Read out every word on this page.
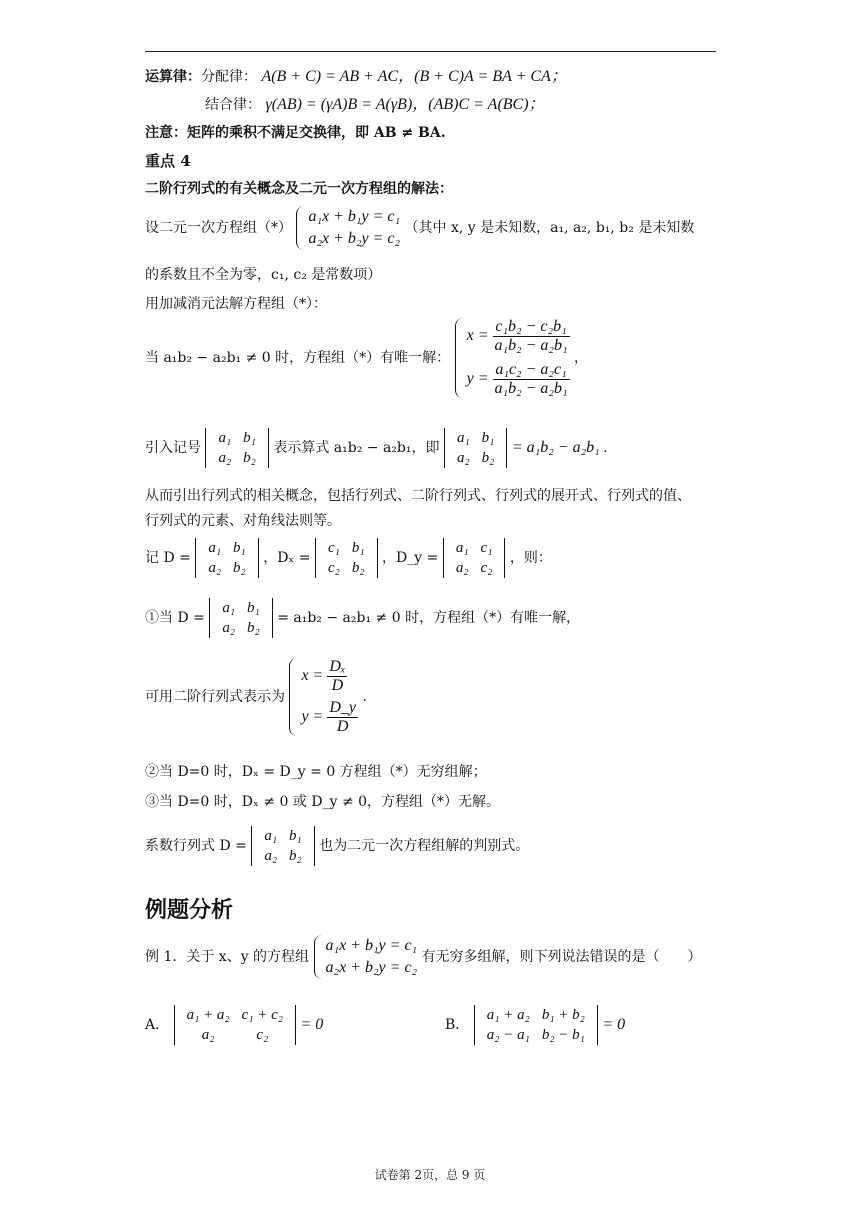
运算律：分配律： A(B + C) = AB + AC，(B + C)A = BA + CA；
结合律： γ(AB) = (γA)B = A(γB)，(AB)C = A(BC)；
注意：矩阵的乘积不满足交换律，即 AB ≠ BA.
重点 4
二阶行列式的有关概念及二元一次方程组的解法：
设二元一次方程组（*）
a₁x + b₁y = c₁
a₂x + b₂y = c₂
（其中 x, y 是未知数，a₁, a₂, b₁, b₂ 是未知数
的系数且不全为零，c₁, c₂ 是常数项）
用加减消元法解方程组（*）：
当 a₁b₂ − a₂b₁ ≠ 0 时，方程组（*）有唯一解：
$x = \frac{\text{c₁b₂ − c₂b₁}}{\text{a₁b₂ − a₂b₁}}$
$y = \frac{\text{a₁c₂ − a₂c₁}}{\text{a₁b₂ − a₂b₁}}$
，
引入记号
a₁	b₁
a₂	b₂
表示算式 a₁b₂ − a₂b₁，即
a₁	b₁
a₂	b₂
= a₁b₂ − a₂b₁ .
从而引出行列式的相关概念，包括行列式、二阶行列式、行列式的展开式、行列式的值、
行列式的元素、对角线法则等。
记 D =
a₁	b₁
a₂	b₂
，Dₓ =
c₁	b₁
c₂	b₂
，D_y =
a₁	c₁
a₂	c₂
，则：
①当 D =
a₁	b₁
a₂	b₂
= a₁b₂ − a₂b₁ ≠ 0 时，方程组（*）有唯一解，
可用二阶行列式表示为
$x = \frac{\text{Dₓ}}{D}$
$y = \frac{D\_y}{D}$
.
②当 D=0 时，Dₓ = D_y = 0 方程组（*）无穷组解；
③当 D=0 时，Dₓ ≠ 0 或 D_y ≠ 0，方程组（*）无解。
系数行列式 D =
a₁	b₁
a₂	b₂
也为二元一次方程组解的判别式。
例题分析
例 1．关于 x、y 的方程组
a₁x + b₁y = c₁
a₂x + b₂y = c₂
有无穷多组解，则下列说法错误的是（　　）
A．
a₁ + a₂	c₁ + c₂
a₂	c₂
= 0	B．
a₁ + a₂	b₁ + b₂
a₂ − a₁	b₂ − b₁
= 0
试卷第 2页，总 9 页
